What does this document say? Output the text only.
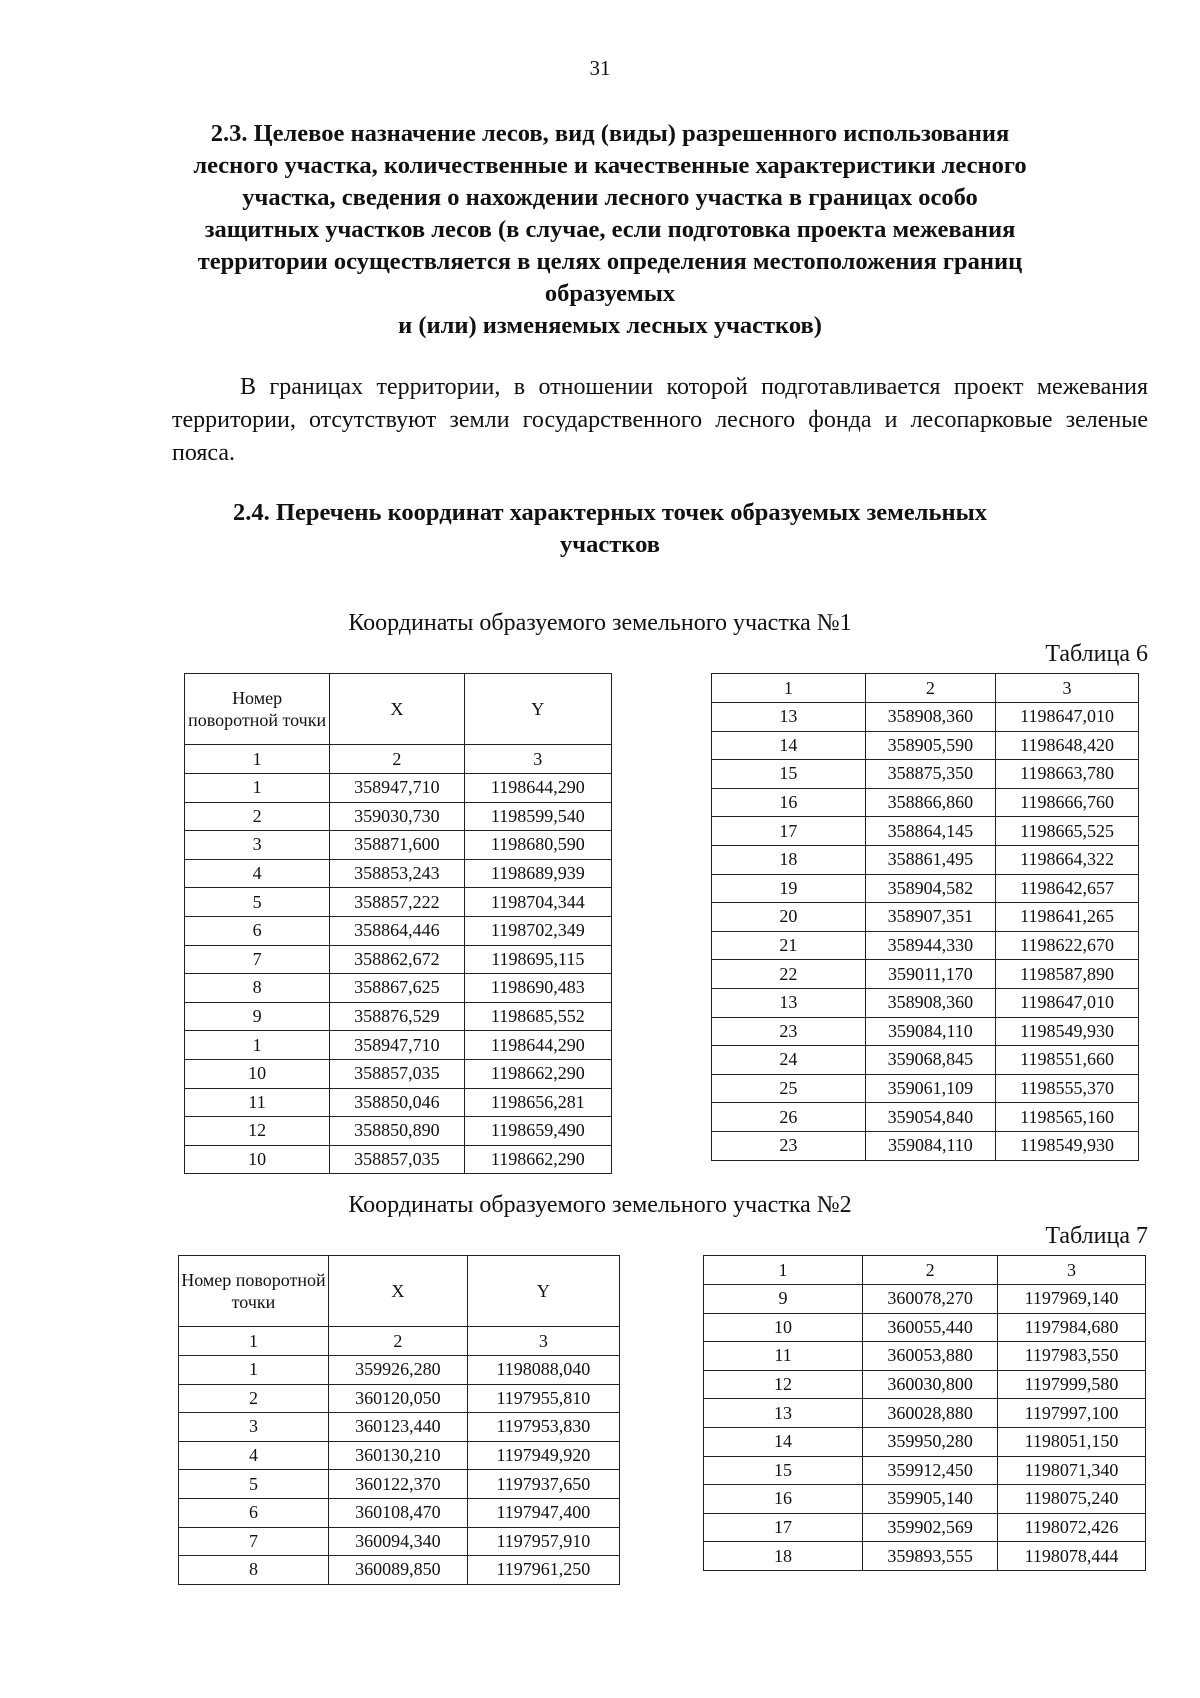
31
2.3. Целевое назначение лесов, вид (виды) разрешенного использования
лесного участка, количественные и качественные характеристики лесного
участка, сведения о нахождении лесного участка в границах особо
защитных участков лесов (в случае, если подготовка проекта межевания
территории осуществляется в целях определения местоположения границ
образуемых
и (или) изменяемых лесных участков)

В границах территории, в отношении которой подготавливается проект межевания территории, отсутствуют земли государственного лесного фонда и лесопарковые зеленые пояса.

2.4. Перечень координат характерных точек образуемых земельных
участков
Координаты образуемого земельного участка №1
Таблица 6
Номер поворотной точки	X	Y
1	2	3
1	358947,710	1198644,290
2	359030,730	1198599,540
3	358871,600	1198680,590
4	358853,243	1198689,939
5	358857,222	1198704,344
6	358864,446	1198702,349
7	358862,672	1198695,115
8	358867,625	1198690,483
9	358876,529	1198685,552
1	358947,710	1198644,290
10	358857,035	1198662,290
11	358850,046	1198656,281
12	358850,890	1198659,490
10	358857,035	1198662,290
1	2	3
13	358908,360	1198647,010
14	358905,590	1198648,420
15	358875,350	1198663,780
16	358866,860	1198666,760
17	358864,145	1198665,525
18	358861,495	1198664,322
19	358904,582	1198642,657
20	358907,351	1198641,265
21	358944,330	1198622,670
22	359011,170	1198587,890
13	358908,360	1198647,010
23	359084,110	1198549,930
24	359068,845	1198551,660
25	359061,109	1198555,370
26	359054,840	1198565,160
23	359084,110	1198549,930
Координаты образуемого земельного участка №2
Таблица 7
Номер поворотной точки	X	Y
1	2	3
1	359926,280	1198088,040
2	360120,050	1197955,810
3	360123,440	1197953,830
4	360130,210	1197949,920
5	360122,370	1197937,650
6	360108,470	1197947,400
7	360094,340	1197957,910
8	360089,850	1197961,250
1	2	3
9	360078,270	1197969,140
10	360055,440	1197984,680
11	360053,880	1197983,550
12	360030,800	1197999,580
13	360028,880	1197997,100
14	359950,280	1198051,150
15	359912,450	1198071,340
16	359905,140	1198075,240
17	359902,569	1198072,426
18	359893,555	1198078,444
